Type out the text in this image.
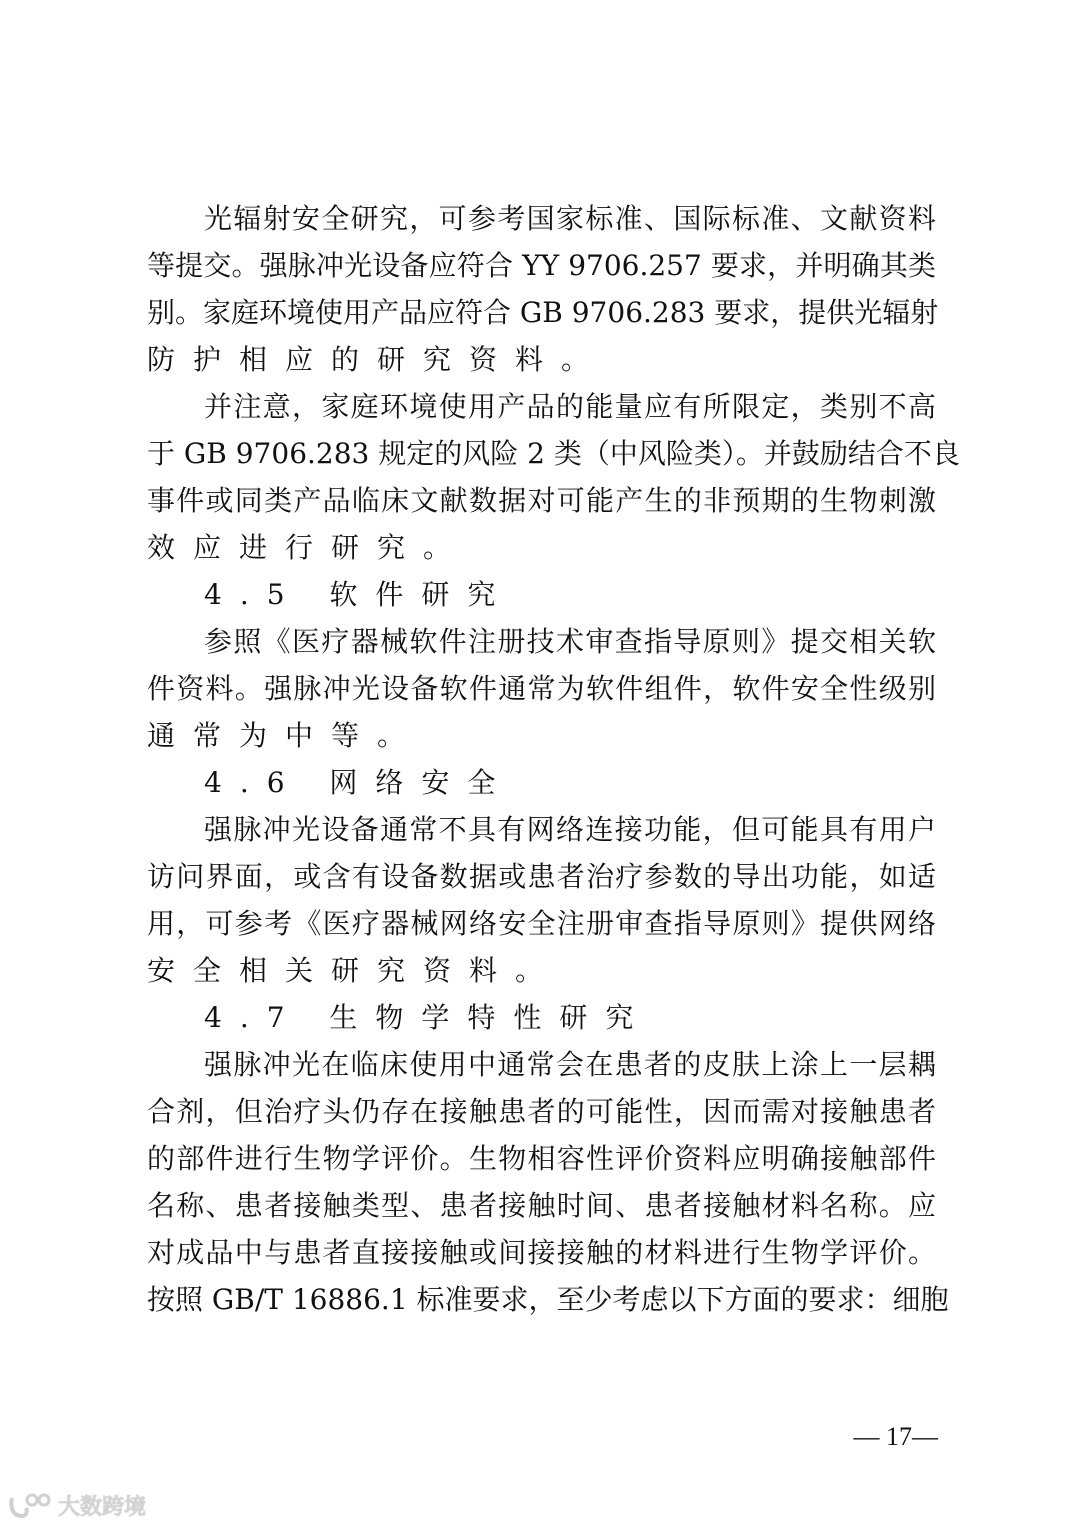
光辐射安全研究，可参考国家标准、国际标准、文献资料
等提交。强脉冲光设备应符合 YY 9706.257 要求，并明确其类
别。家庭环境使用产品应符合 GB 9706.283 要求，提供光辐射
防护相应的研究资料。
并注意，家庭环境使用产品的能量应有所限定，类别不高
于 GB 9706.283 规定的风险 2 类（中风险类）。并鼓励结合不良
事件或同类产品临床文献数据对可能产生的非预期的生物刺激
效应进行研究。
4.5 软件研究
参照《医疗器械软件注册技术审查指导原则》提交相关软
件资料。强脉冲光设备软件通常为软件组件，软件安全性级别
通常为中等。
4.6 网络安全
强脉冲光设备通常不具有网络连接功能，但可能具有用户
访问界面，或含有设备数据或患者治疗参数的导出功能，如适
用，可参考《医疗器械网络安全注册审查指导原则》提供网络
安全相关研究资料。
4.7 生物学特性研究
强脉冲光在临床使用中通常会在患者的皮肤上涂上一层耦
合剂，但治疗头仍存在接触患者的可能性，因而需对接触患者
的部件进行生物学评价。生物相容性评价资料应明确接触部件
名称、患者接触类型、患者接触时间、患者接触材料名称。应
对成品中与患者直接接触或间接接触的材料进行生物学评价。
按照 GB/T 16886.1 标准要求，至少考虑以下方面的要求：细胞
— 17—
大数跨境
